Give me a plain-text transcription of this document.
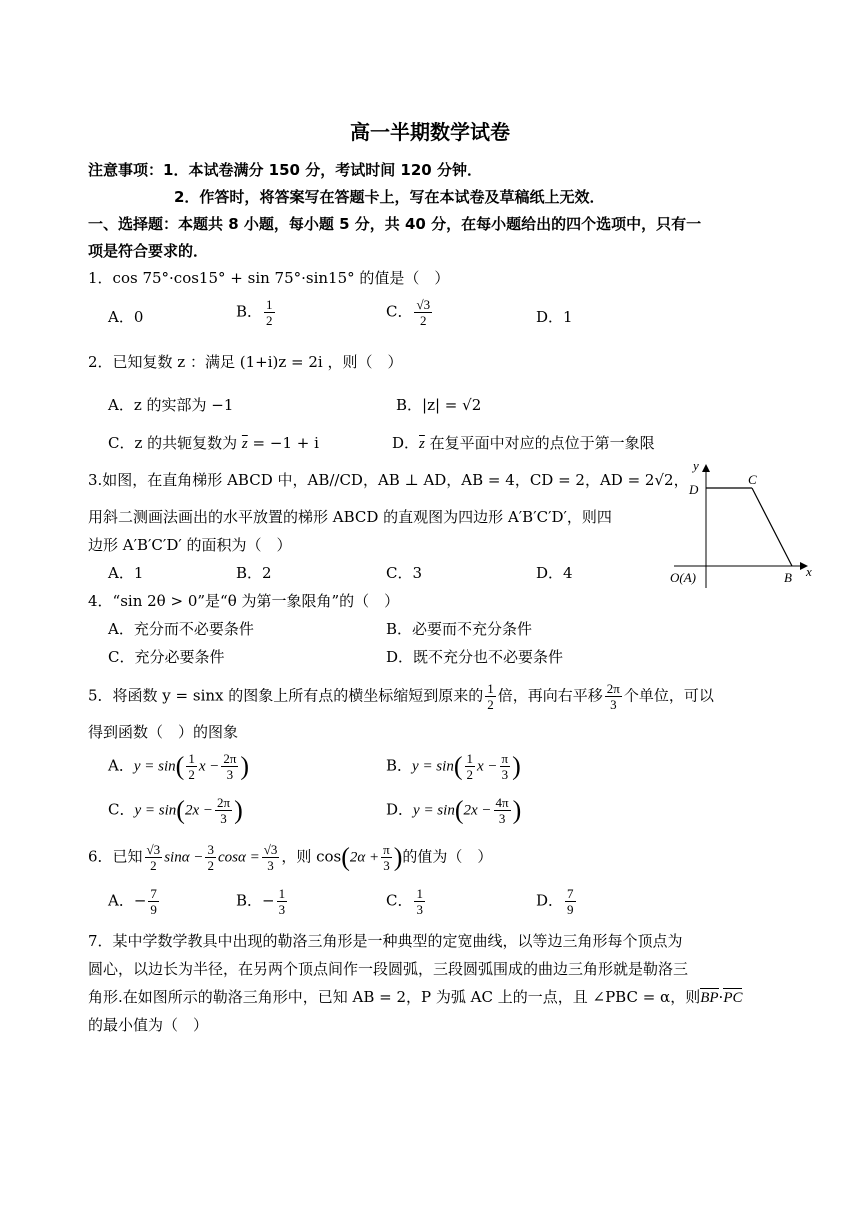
高一半期数学试卷
注意事项：1．本试卷满分 150 分，考试时间 120 分钟．
2．作答时，将答案写在答题卡上，写在本试卷及草稿纸上无效．
一、选择题：本题共 8 小题，每小题 5 分，共 40 分，在每小题给出的四个选项中，只有一
项是符合要求的．
1．cos 75°·cos15° + sin 75°·sin15° 的值是（　）
A．0	B． $\frac{1}{2}$	C． $\frac{√3}{2}$	D．1
2．已知复数 z ：满足 (1+i)z = 2i ，则（　）
A．z 的实部为 −1	B．|z| = √2
C．z 的共轭复数为 $\overline{z} = -1 + i$	D．$\overline{z}$ 在复平面中对应的点位于第一象限
3.如图，在直角梯形 ABCD 中，AB//CD，AB ⊥ AD，AB = 4，CD = 2，AD = 2√2，
用斜二测画法画出的水平放置的梯形 ABCD 的直观图为四边形 A′B′C′D′，则四
边形 A′B′C′D′ 的面积为（　）
A．1	B．2	C．3	D．4
y
x
C
D
O(A)	B
4．“sin 2θ > 0”是“θ 为第一象限角”的（　）
A．充分而不必要条件	B．必要而不充分条件
C．充分必要条件	D．既不充分也不必要条件
5．将函数 y = sinx 的图象上所有点的横坐标缩短到原来的 $\frac{1}{2}$ 倍，再向右平移 $\frac{2\pi}{3}$ 个单位，可以
得到函数（　）的图象
A．$y = \sin( \frac{1}{2}$ $x - \frac{2\pi}{3}$ )	B．$y = \sin( \frac{1}{2}$ $x - \frac{\pi}{3}$ )
C．$y = \sin(2x - \frac{2\pi}{3}$ )	D．$y = \sin(2x - \frac{4\pi}{3}$ )
6．已知 $\frac{√3}{2}$ $\sin\alpha - \frac{3}{2}$ $\cos\alpha = \frac{√3}{3}$ ，则 $\cos(2\alpha + \frac{\pi}{3}$ )的值为（　）
A．− $\frac{7}{9}$	B．− $\frac{1}{3}$	C． $\frac{1}{3}$	D． $\frac{7}{9}$
7．某中学数学教具中出现的勒洛三角形是一种典型的定宽曲线，以等边三角形每个顶点为
圆心，以边长为半径，在另两个顶点间作一段圆弧，三段圆弧围成的曲边三角形就是勒洛三
角形.在如图所示的勒洛三角形中，已知 AB = 2，P 为弧 AC 上的一点，且 ∠PBC = α，则
BP·
PC
的最小值为（　）
